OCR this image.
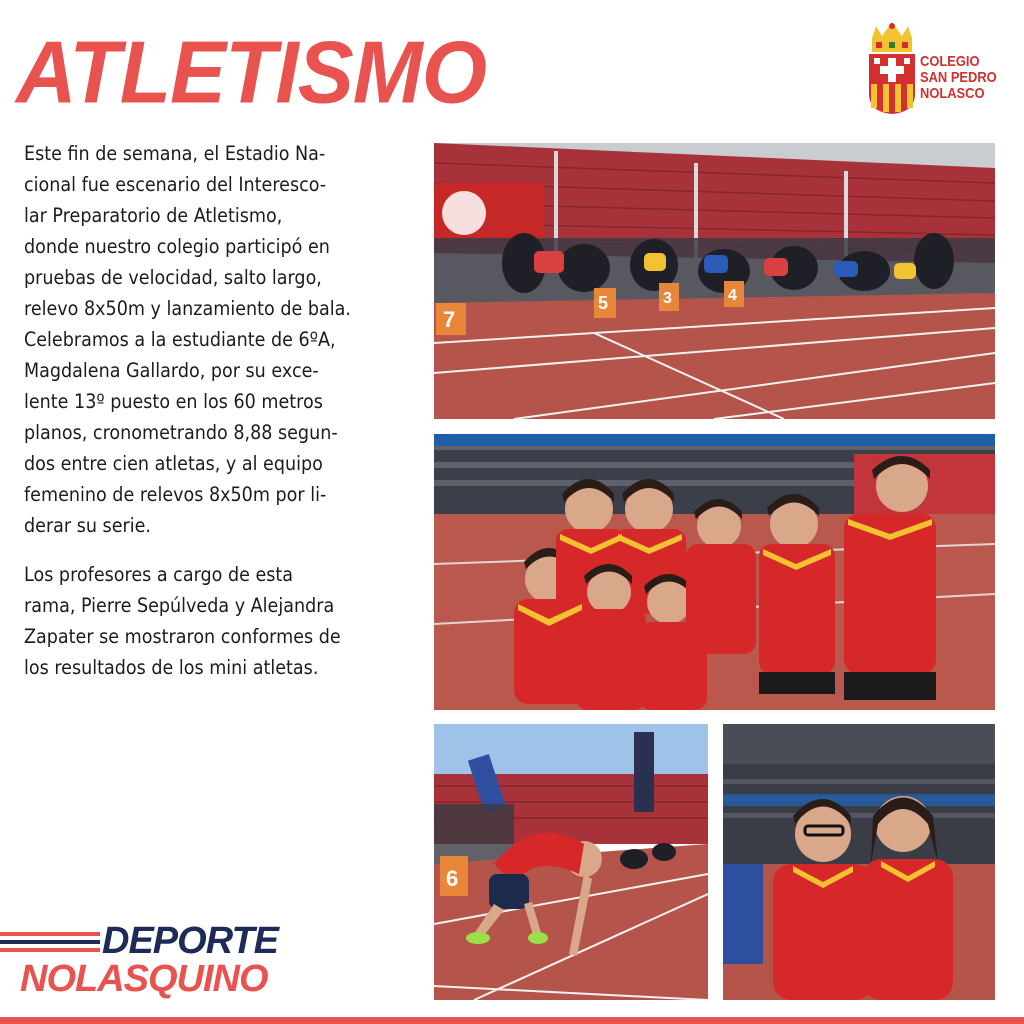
ATLETISMO	COLEGIO
SAN PEDRO
NOLASCO

Este fin de semana, el Estadio Na-
cional fue escenario del Interesco-
lar Preparatorio de Atletismo,
donde nuestro colegio participó en
pruebas de velocidad, salto largo,
relevo 8x50m y lanzamiento de bala.
Celebramos a la estudiante de 6ºA,
Magdalena Gallardo, por su exce-
lente 13º puesto en los 60 metros
planos, cronometrando 8,88 segun-
dos entre cien atletas, y al equipo
femenino de relevos 8x50m por li-
derar su serie.

Los profesores a cargo de esta
rama, Pierre Sepúlveda y Alejandra
Zapater se mostraron conformes de
los resultados de los mini atletas.

7
5	3	4
6
DEPORTE
NOLASQUINO
